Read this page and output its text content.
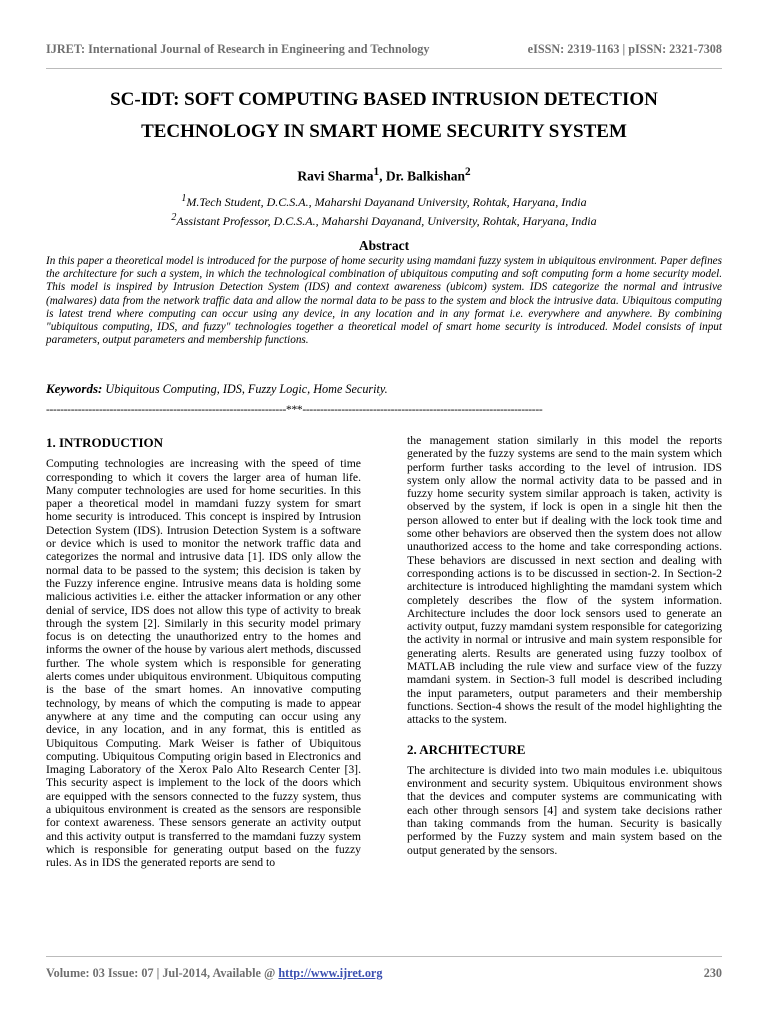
IJRET: International Journal of Research in Engineering and Technology	eISSN: 2319-1163 | pISSN: 2321-7308
SC-IDT: SOFT COMPUTING BASED INTRUSION DETECTION
TECHNOLOGY IN SMART HOME SECURITY SYSTEM
Ravi Sharma$^1$, Dr. Balkishan$^2$
$^1$M.Tech Student, D.C.S.A., Maharshi Dayanand University, Rohtak, Haryana, India
$^2$Assistant Professor, D.C.S.A., Maharshi Dayanand, University, Rohtak, Haryana, India
Abstract

In this paper a theoretical model is introduced for the purpose of home security using mamdani fuzzy system in ubiquitous environment. Paper defines the architecture for such a system, in which the technological combination of ubiquitous computing and soft computing form a home security model. This model is inspired by Intrusion Detection System (IDS) and context awareness (ubicom) system. IDS categorize the normal and intrusive (malwares) data from the network traffic data and allow the normal data to be pass to the system and block the intrusive data. Ubiquitous computing is latest trend where computing can occur using any device, in any location and in any format i.e. everywhere and anywhere. By combining "ubiquitous computing, IDS, and fuzzy" technologies together a theoretical model of smart home security is introduced. Model consists of input parameters, output parameters and membership functions.

Keywords: Ubiquitous Computing, IDS, Fuzzy Logic, Home Security.
--------------------------------------------------------------------***--------------------------------------------------------------------
1. INTRODUCTION

Computing technologies are increasing with the speed of time corresponding to which it covers the larger area of human life. Many computer technologies are used for home securities. In this paper a theoretical model in mamdani fuzzy system for smart home security is introduced. This concept is inspired by Intrusion Detection System (IDS). Intrusion Detection System is a software or device which is used to monitor the network traffic data and categorizes the normal and intrusive data [1]. IDS only allow the normal data to be passed to the system; this decision is taken by the Fuzzy inference engine. Intrusive means data is holding some malicious activities i.e. either the attacker information or any other denial of service, IDS does not allow this type of activity to break through the system [2]. Similarly in this security model primary focus is on detecting the unauthorized entry to the homes and informs the owner of the house by various alert methods, discussed further. The whole system which is responsible for generating alerts comes under ubiquitous environment. Ubiquitous computing is the base of the smart homes. An innovative computing technology, by means of which the computing is made to appear anywhere at any time and the computing can occur using any device, in any location, and in any format, this is entitled as Ubiquitous Computing. Mark Weiser is father of Ubiquitous computing. Ubiquitous Computing origin based in Electronics and Imaging Laboratory of the Xerox Palo Alto Research Center [3]. This security aspect is implement to the lock of the doors which are equipped with the sensors connected to the fuzzy system, thus a ubiquitous environment is created as the sensors are responsible for context awareness. These sensors generate an activity output and this activity output is transferred to the mamdani fuzzy system which is responsible for generating output based on the fuzzy rules. As in IDS the generated reports are send to

the management station similarly in this model the reports generated by the fuzzy systems are send to the main system which perform further tasks according to the level of intrusion. IDS system only allow the normal activity data to be passed and in fuzzy home security system similar approach is taken, activity is observed by the system, if lock is open in a single hit then the person allowed to enter but if dealing with the lock took time and some other behaviors are observed then the system does not allow unauthorized access to the home and take corresponding actions. These behaviors are discussed in next section and dealing with corresponding actions is to be discussed in section-2. In Section-2 architecture is introduced highlighting the mamdani system which completely describes the flow of the system information. Architecture includes the door lock sensors used to generate an activity output, fuzzy mamdani system responsible for categorizing the activity in normal or intrusive and main system responsible for generating alerts. Results are generated using fuzzy toolbox of MATLAB including the rule view and surface view of the fuzzy mamdani system. in Section-3 full model is described including the input parameters, output parameters and their membership functions. Section-4 shows the result of the model highlighting the attacks to the system.

2. ARCHITECTURE

The architecture is divided into two main modules i.e. ubiquitous environment and security system. Ubiquitous environment shows that the devices and computer systems are communicating with each other through sensors [4] and system take decisions rather than taking commands from the human. Security is basically performed by the Fuzzy system and main system based on the output generated by the sensors.

Volume: 03 Issue: 07 | Jul-2014, Available @ http://www.ijret.org	230
